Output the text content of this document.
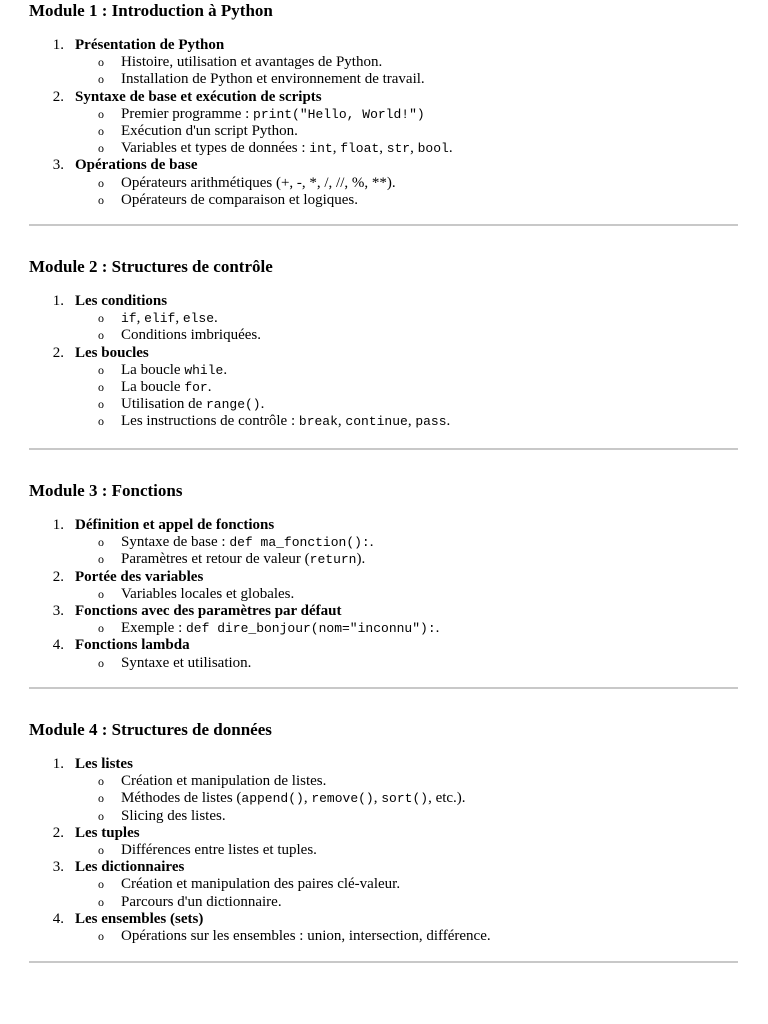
Module 1 : Introduction à Python
1. Présentation de Python
o Histoire, utilisation et avantages de Python.
o Installation de Python et environnement de travail.
2. Syntaxe de base et exécution de scripts
o Premier programme : print("Hello, World!")
o Exécution d'un script Python.
o Variables et types de données : int, float, str, bool.
3. Opérations de base
o Opérateurs arithmétiques (+, -, *, /, //, %, **).
o Opérateurs de comparaison et logiques.
Module 2 : Structures de contrôle
1. Les conditions
o if, elif, else.
o Conditions imbriquées.
2. Les boucles
o La boucle while.
o La boucle for.
o Utilisation de range().
o Les instructions de contrôle : break, continue, pass.
Module 3 : Fonctions
1. Définition et appel de fonctions
o Syntaxe de base : def ma_fonction():.
o Paramètres et retour de valeur (return).
2. Portée des variables
o Variables locales et globales.
3. Fonctions avec des paramètres par défaut
o Exemple : def dire_bonjour(nom="inconnu"):.
4. Fonctions lambda
o Syntaxe et utilisation.
Module 4 : Structures de données
1. Les listes
o Création et manipulation de listes.
o Méthodes de listes (append(), remove(), sort(), etc.).
o Slicing des listes.
2. Les tuples
o Différences entre listes et tuples.
3. Les dictionnaires
o Création et manipulation des paires clé-valeur.
o Parcours d'un dictionnaire.
4. Les ensembles (sets)
o Opérations sur les ensembles : union, intersection, différence.
